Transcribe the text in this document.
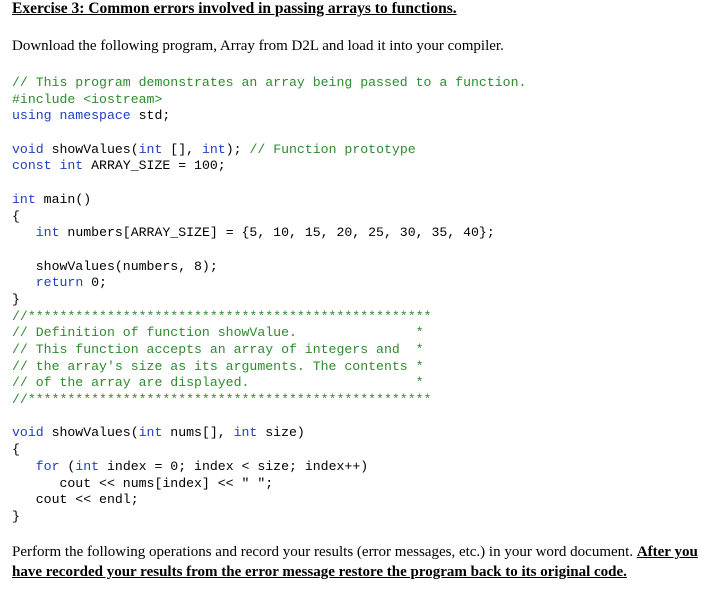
Exercise 3: Common errors involved in passing arrays to functions.
Download the following program, Array from D2L and load it into your compiler.
// This program demonstrates an array being passed to a function.
#include <iostream>
using namespace std;
void showValues(int [], int); // Function prototype
const int ARRAY_SIZE = 100;
int main()
{
int numbers[ARRAY_SIZE] = {5, 10, 15, 20, 25, 30, 35, 40};
showValues(numbers, 8);
return 0;
}
//***************************************************
// Definition of function showValue.               *
// This function accepts an array of integers and  *
// the array's size as its arguments. The contents *
// of the array are displayed.                     *
//***************************************************
void showValues(int nums[], int size)
{
for (int index = 0; index < size; index++)
cout << nums[index] << " ";
cout << endl;
}
Perform the following operations and record your results (error messages, etc.) in your word document. After you have recorded your results from the error message restore the program back to its original code.
